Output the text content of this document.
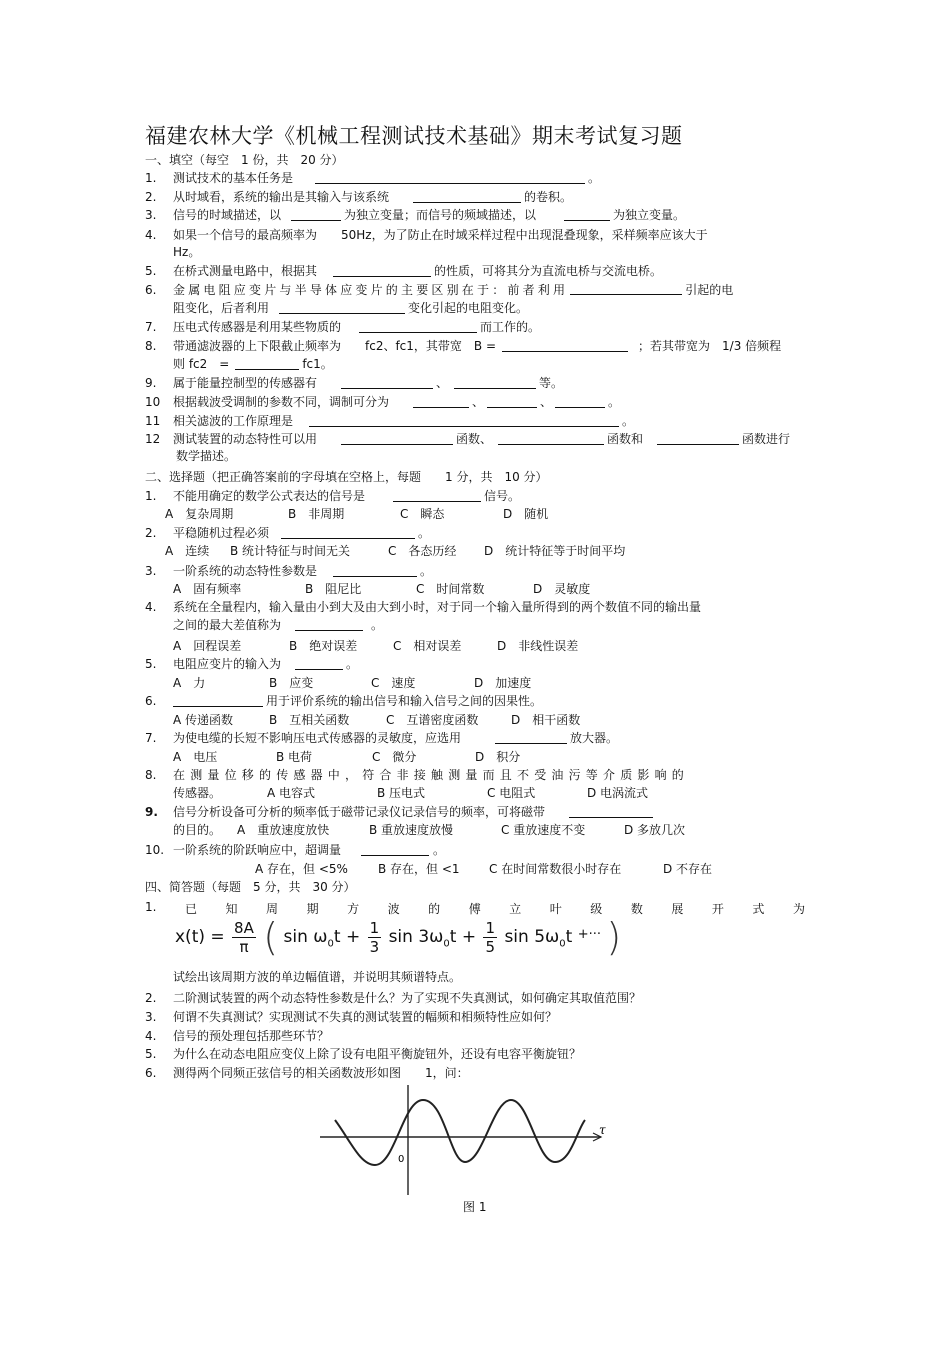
福建农林大学《机械工程测试技术基础》期末考试复习题
一、填空（每空　1 份，共　20 分）
1. 测试技术的基本任务是	。
2. 从时域看，系统的输出是其输入与该系统	的卷积。
3. 信号的时域描述，以	为独立变量；而信号的频域描述，以	为独立变量。
4. 如果一个信号的最高频率为　　50Hz，为了防止在时域采样过程中出现混叠现象，采样频率应该大于
Hz。
5. 在桥式测量电路中，根据其	的性质，可将其分为直流电桥与交流电桥。
6.	金属电阻应变片与半导体应变片的主要区别在于：前者利用	引起的电
阻变化，后者利用	变化引起的电阻变化。
7. 压电式传感器是利用某些物质的	而工作的。
8. 带通滤波器的上下限截止频率为　　fc2、fc1，其带宽　B =	；若其带宽为　1/3 倍频程
则 fc2　=	fc1。
9. 属于能量控制型的传感器有	、	等。
10 根据载波受调制的参数不同，调制可分为	、	、	。
11 相关滤波的工作原理是	。
12 测试装置的动态特性可以用	函数、	函数和	函数进行
数学描述。
二、选择题（把正确答案前的字母填在空格上，每题　　1 分，共　10 分）
1. 不能用确定的数学公式表达的信号是	信号。
A　复杂周期	B　非周期	C　瞬态	D　随机
2. 平稳随机过程必须	。
A　连续 B 统计特征与时间无关	C　各态历经 D　统计特征等于时间平均
3. 一阶系统的动态特性参数是	。
A　固有频率	B　阻尼比	C　时间常数	D　灵敏度
4. 系统在全量程内，输入量由小到大及由大到小时，对于同一个输入量所得到的两个数值不同的输出量
之间的最大差值称为	。
A　回程误差	B　绝对误差	C　相对误差	D　非线性误差
5. 电阻应变片的输入为	。
A　力	B　应变	C　速度	D　加速度
6.	用于评价系统的输出信号和输入信号之间的因果性。
A 传递函数	B　互相关函数	C　互谱密度函数	D　相干函数
7. 为使电缆的长短不影响压电式传感器的灵敏度，应选用	放大器。
A　电压	B 电荷	C　微分	D　积分
8.	在测量位移的传感器中，符合非接触测量而且不受油污等介质影响的
传感器。	A 电容式	B 压电式	C 电阻式	D 电涡流式
9. 信号分析设备可分析的频率低于磁带记录仪记录信号的频率，可将磁带
的目的。 A　重放速度放快	B 重放速度放慢	C 重放速度不变	D 多放几次
10. 一阶系统的阶跃响应中，超调量	。
A 存在，但 <5%	B 存在，但 <1 C 在时间常数很小时存在	D 不存在
四、简答题（每题　5 分，共　30 分）
1. 已 知 周 期 方 波 的 傅 立 叶 级 数 展 开 式 为
$x(t) = \frac{8A}{\pi}$ ( $\sin \omega_0t + \frac{1}{3}$ $\sin 3\omega_0t + \frac{1}{5}$ $\sin 5\omega_0t$ +··· )
试绘出该周期方波的单边幅值谱，并说明其频谱特点。
2. 二阶测试装置的两个动态特性参数是什么？为了实现不失真测试，如何确定其取值范围？
3. 何谓不失真测试？实现测试不失真的测试装置的幅频和相频特性应如何？
4. 信号的预处理包括那些环节？
5. 为什么在动态电阻应变仪上除了设有电阻平衡旋钮外，还设有电容平衡旋钮？
6. 测得两个同频正弦信号的相关函数波形如图　　1，问：
τ
0
图 1
